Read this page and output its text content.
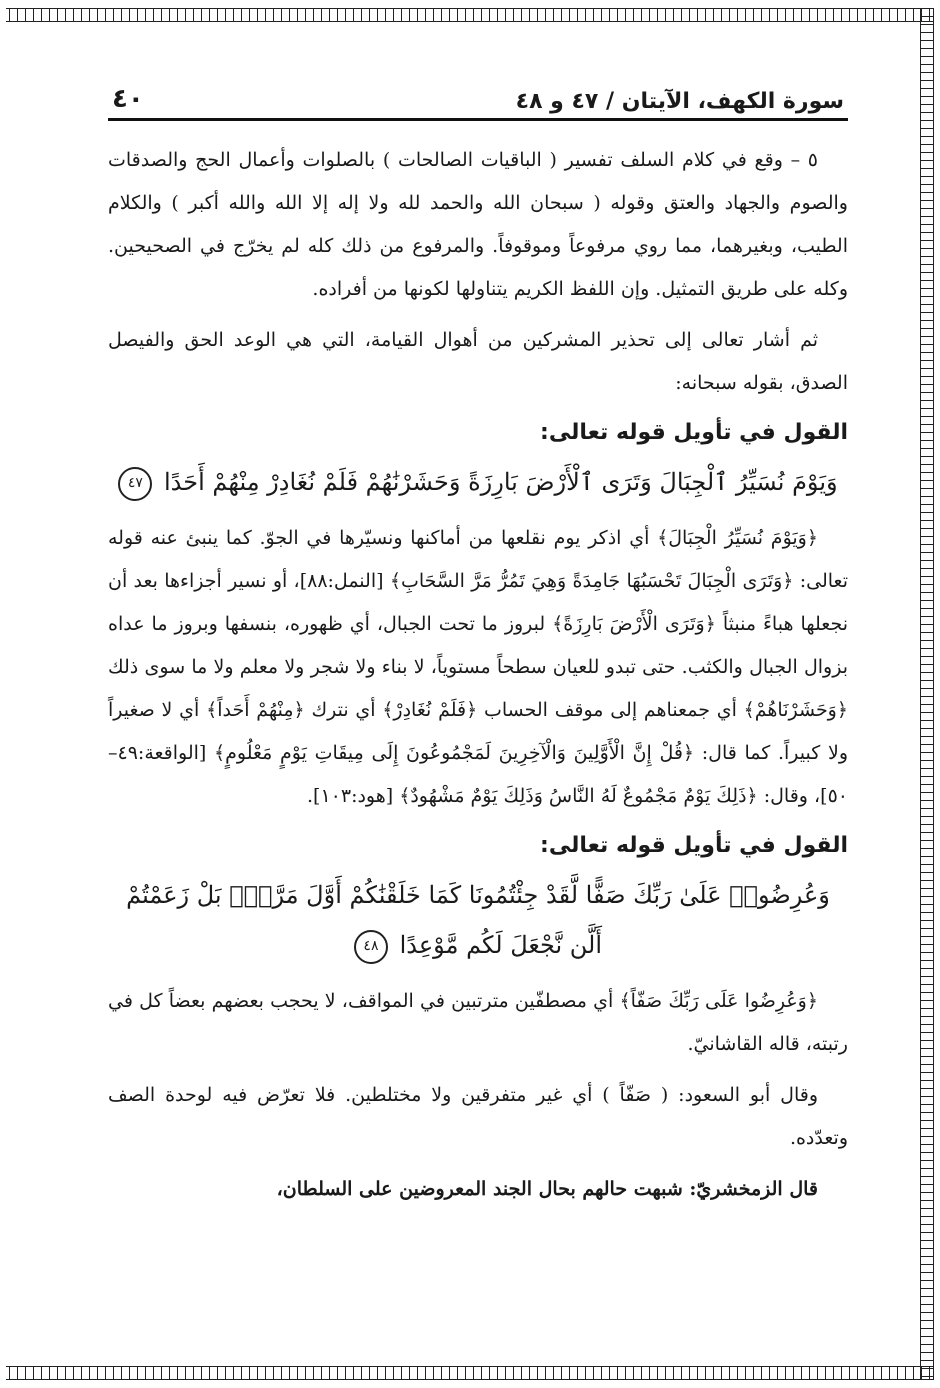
سورة الكهف، الآيتان / ٤٧ و ٤٨
٤٠

٥ – وقع في كلام السلف تفسير ( الباقيات الصالحات ) بالصلوات وأعمال الحج والصدقات والصوم والجهاد والعتق وقوله ( سبحان الله والحمد لله ولا إله إلا الله والله أكبر ) والكلام الطيب، وبغيرهما، مما روي مرفوعاً وموقوفاً. والمرفوع من ذلك كله لم يخرّج في الصحيحين. وكله على طريق التمثيل. وإن اللفظ الكريم يتناولها لكونها من أفراده.

ثم أشار تعالى إلى تحذير المشركين من أهوال القيامة، التي هي الوعد الحق والفيصل الصدق، بقوله سبحانه:

القول في تأويل قوله تعالى:
وَيَوْمَ نُسَيِّرُ ٱلْجِبَالَ وَتَرَى ٱلْأَرْضَ بَارِزَةً وَحَشَرْنَٰهُمْ فَلَمْ نُغَادِرْ مِنْهُمْ أَحَدًا ٤٧

﴿وَيَوْمَ نُسَيِّرُ الْجِبَالَ﴾ أي اذكر يوم نقلعها من أماكنها ونسيّرها في الجوّ. كما ينبئ عنه قوله تعالى: ﴿وَتَرَى الْجِبَالَ تَحْسَبُهَا جَامِدَةً وَهِيَ تَمُرُّ مَرَّ السَّحَابِ﴾ [النمل:٨٨]، أو نسير أجزاءها بعد أن نجعلها هباءً منبثاً ﴿وَتَرَى الْأَرْضَ بَارِزَةً﴾ لبروز ما تحت الجبال، أي ظهوره، بنسفها وبروز ما عداه بزوال الجبال والكثب. حتى تبدو للعيان سطحاً مستوياً، لا بناء ولا شجر ولا معلم ولا ما سوى ذلك ﴿وَحَشَرْنَاهُمْ﴾ أي جمعناهم إلى موقف الحساب ﴿فَلَمْ نُغَادِرْ﴾ أي نترك ﴿مِنْهُمْ أَحَداً﴾ أي لا صغيراً ولا كبيراً. كما قال: ﴿قُلْ إِنَّ الْأَوَّلِينَ وَالْآخِرِينَ لَمَجْمُوعُونَ إِلَى مِيقَاتِ يَوْمٍ مَعْلُومٍ﴾ [الواقعة:٤٩–٥٠]، وقال: ﴿ذَلِكَ يَوْمٌ مَجْمُوعٌ لَهُ النَّاسُ وَذَلِكَ يَوْمٌ مَشْهُودٌ﴾ [هود:١٠٣].

القول في تأويل قوله تعالى:
وَعُرِضُوا۟ عَلَىٰ رَبِّكَ صَفًّا لَّقَدْ جِئْتُمُونَا كَمَا خَلَقْنَٰكُمْ أَوَّلَ مَرَّةٍۭ بَلْ زَعَمْتُمْ أَلَّن نَّجْعَلَ لَكُم مَّوْعِدًا ٤٨

﴿وَعُرِضُوا عَلَى رَبِّكَ صَفّاً﴾ أي مصطفّين مترتبين في المواقف، لا يحجب بعضهم بعضاً كل في رتبته، قاله القاشانيّ.

وقال أبو السعود: ( صَفّاً ) أي غير متفرقين ولا مختلطين. فلا تعرّض فيه لوحدة الصف وتعدّده.

قال الزمخشريّ: شبهت حالهم بحال الجند المعروضين على السلطان،
